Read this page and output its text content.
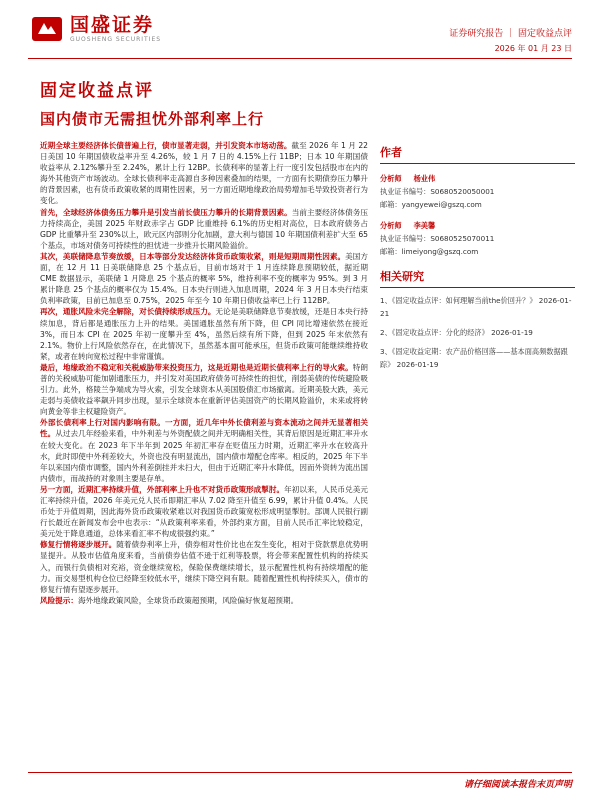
国盛证券
GUOSHENG SECURITIES
证券研究报告 ｜ 固定收益点评
2026 年 01 月 23 日
固定收益点评
国内债市无需担忧外部利率上行

近期全球主要经济体长债普遍上行，债市显著走弱，并引发资本市场动荡。截至 2026 年 1 月 22 日美国 10 年期国债收益率升至 4.26%，较 1 月 7 日的 4.15%上行 11BP；日本 10 年期国债收益率从 2.12%攀升至 2.24%，累计上行 12BP。长债利率的显著上行一度引发包括股市在内的海外其他资产市场波动。全球长债利率走高源自多种因素叠加的结果，一方面有长期债券压力攀升的背景因素，也有货币政策收紧的周期性因素，另一方面近期地缘政治局势增加毛导致投资者行为变化。

首先，全球经济体债务压力攀升是引发当前长债压力攀升的长期背景因素。当前主要经济体债务压力持续高企，美国 2025 年财政赤字占 GDP 比重维持 6.1%的历史相对高位，日本政府债务占 GDP 比重攀升至 230%以上，欧元区内部则分化加剧，意大利与德国 10 年期国债利差扩大至 65 个基点，市场对债务可持续性的担忧进一步推升长期风险溢价。

其次，美联储降息节奏放缓，日本等部分发达经济体货币政策收紧，则是短期周期性因素。美国方面，在 12 月 11 日美联储降息 25 个基点后，目前市场对于 1 月连续降息预期较低，据近期 CME 数据显示，美联储 1 月降息 25 个基点的概率 5%，维持利率不变的概率为 95%。到 3 月累计降息 25 个基点的概率仅为 15.4%。日本央行则进入加息周期，2024 年 3 月日本央行结束负利率政策，目前已加息至 0.75%，2025 年至今 10 年期日债收益率已上行 112BP。

再次，通胀风险未完全解除，对长债持续形成压力。无论是美联储降息节奏放缓，还是日本央行持续加息，背后都是通胀压力上升的结果。美国通胀虽然有所下降，但 CPI 同比增速依然在接近 3%，而日本 CPI 在 2025 年初一度攀升至 4%，虽然后续有所下降，但到 2025 年末依然有 2.1%。物价上行风险依然存在，在此情况下，虽然基本面可能承压，但货币政策可能继续维持收紧，或者在转向宽松过程中非常谨慎。

最后，地缘政治不稳定和关税威胁带来投资压力，这是近期也是近期长债利率上行的导火索。特朗普的关税威胁可能加剧通胀压力，并引发对美国政府债务可持续性的担忧，削弱美债的传统避险吸引力。此外，格陵兰争端成为导火索，引发全球资本从美国股债汇市场撤离。近期美股大跌，美元走弱与美债收益率飙升同步出现，显示全球资本在重新评估美国资产的长期风险溢价，未来或将转向黄金等非主权避险资产。

外部长债利率上行对国内影响有限。一方面，近几年中外长债利差与资本流动之间并无显著相关性。从过去几年经验来看，中外利差与外资配债之间并无明确相关性，其背后原因是近期汇率升水在较大变化。在 2023 年下半年到 2025 年初汇率存在贬值压力时期，近期汇率升水在较高升水，此时即使中外利差较大，外资也没有明显流出，国内债市增配仓库率。相反的，2025 年下半年以来国内债市调整，国内外利差倒挂并未扫大，但由于近期汇率升水降低，因而外资转为流出国内债市，而战持的对象则主要是存单。

另一方面，近期汇率持续升值，外部利率上升也不对货币政策形成掣肘。年初以来，人民币兑美元汇率持续升值，2026 年美元兑人民币即期汇率从 7.02 降至升值至 6.99，累计升值 0.4%。人民币处于升值周期，因此海外货币政策收紧难以对我国货币政策宽松形成明显掣肘。部调人民银行副行长最近在新闻发布会中也表示：“从政策利率来看，外部约束方面，目前人民币汇率比较稳定，美元处于降息通道，总体来看汇率不构成很强约束。”

修复行情将逐步展开。随着债券利率上升，债券相对性价比也在发生变化，相对于贷款票息优势明显提升。从股市估值角度来看，当前债券估值不逊于红利等股票，将会带来配置性机构的持续买入，而银行负债相对充裕，资金继续宽松，保险保费继续增长，显示配置性机构有持续增配的能力。而交易型机构仓位已经降至较低水平，继续下降空间有限。随着配置性机构持续买入，债市的修复行情有望逐步展开。

风险提示：海外地缘政策风险，全球货币政策超预期，风险偏好恢复超预期。

作者
分析师 杨业伟
执业证书编号：S0680520050001
邮箱：yangyewei@gszq.com
分析师 李美馨
执业证书编号：S0680525070011
邮箱：limeiyong@gszq.com
相关研究
1、《固定收益点评：如何理解当前the价回升？》 2026-01-21
2、《固定收益点评：分化的经济》 2026-01-19
3、《固定收益定期：农产品价格回落——基本面高频数据跟踪》 2026-01-19
请仔细阅读本报告末页声明
